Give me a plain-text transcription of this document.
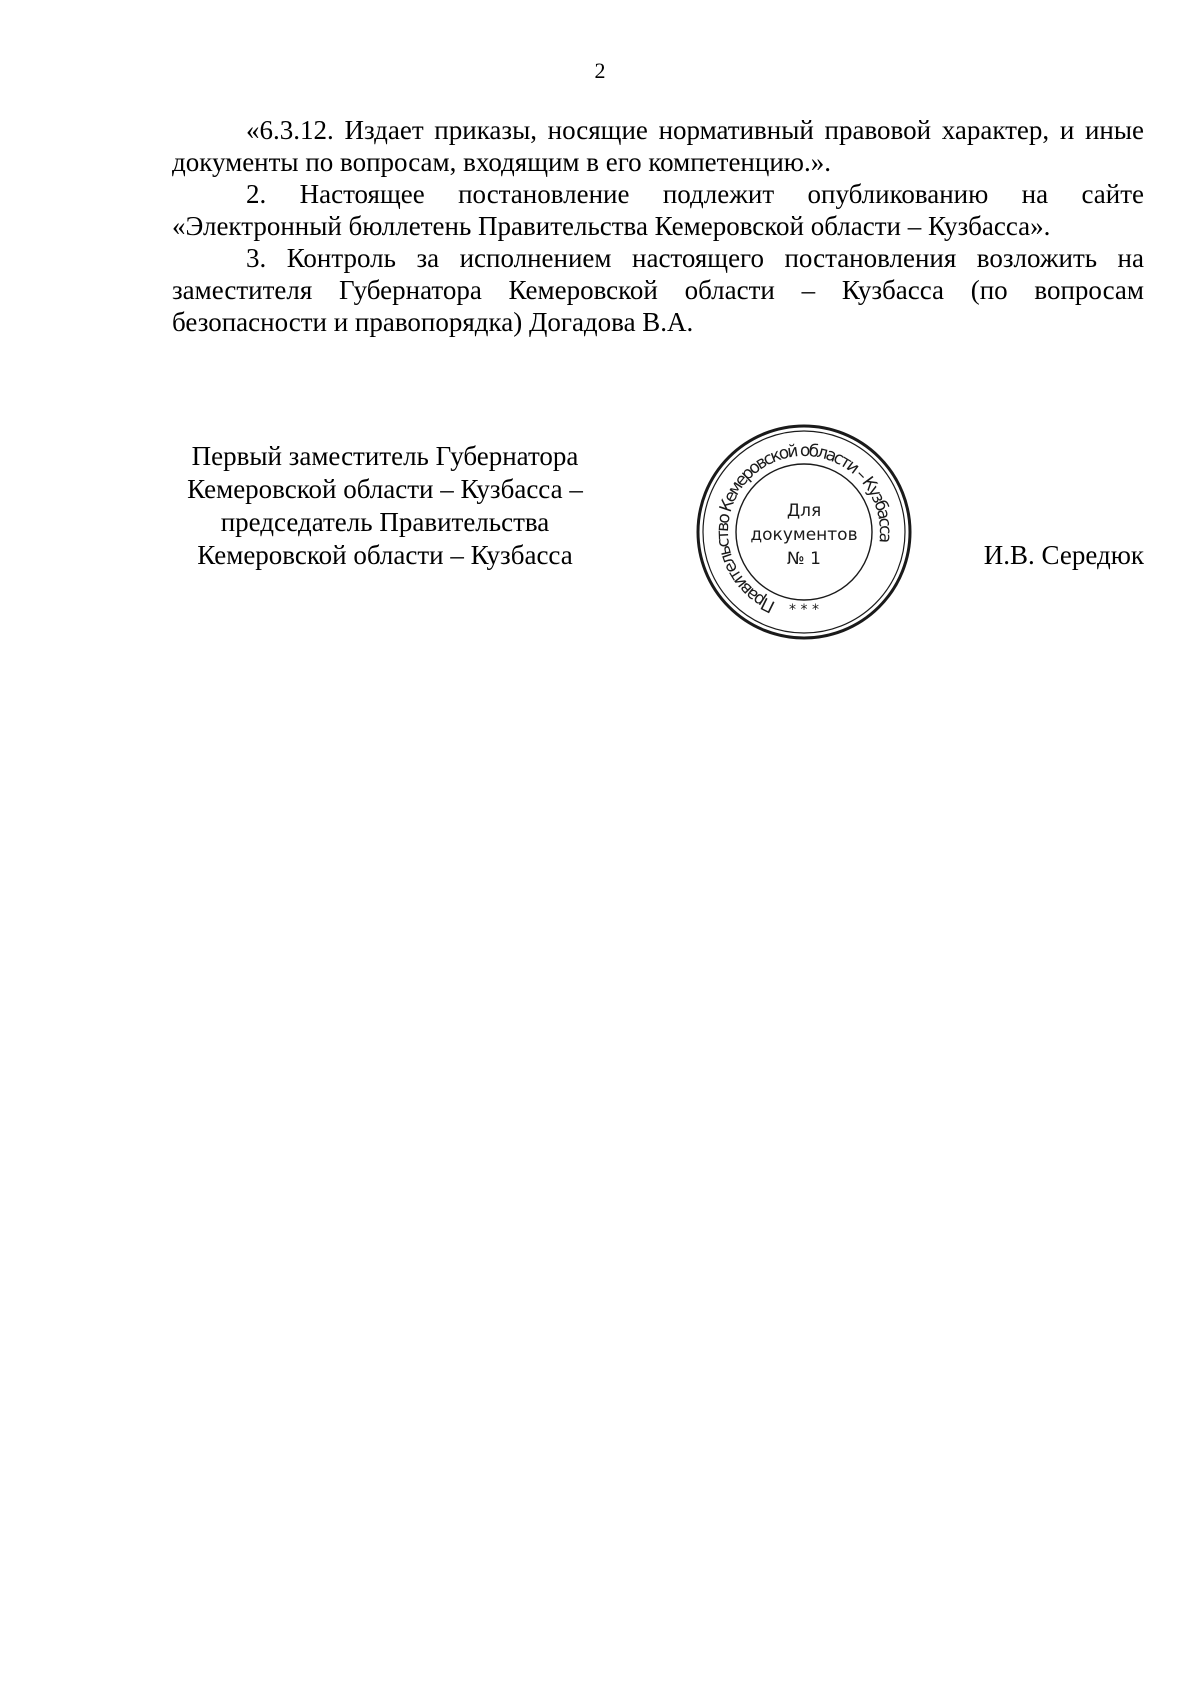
2

«6.3.12. Издает приказы, носящие нормативный правовой характер, и иные документы по вопросам, входящим в его компетенцию.».

2. Настоящее постановление подлежит опубликованию на сайте «Электронный бюллетень Правительства Кемеровской области – Кузбасса».

3. Контроль за исполнением настоящего постановления возложить на заместителя Губернатора Кемеровской области – Кузбасса (по вопросам безопасности и правопорядка) Догадова В.А.

Первый заместитель Губернатора
Кемеровской области – Кузбасса –
председатель Правительства
Кемеровской области – Кузбасса
Правительство Кемеровской области – Кузбасса
* * *
Для
документов
№ 1	И.В. Середюк
